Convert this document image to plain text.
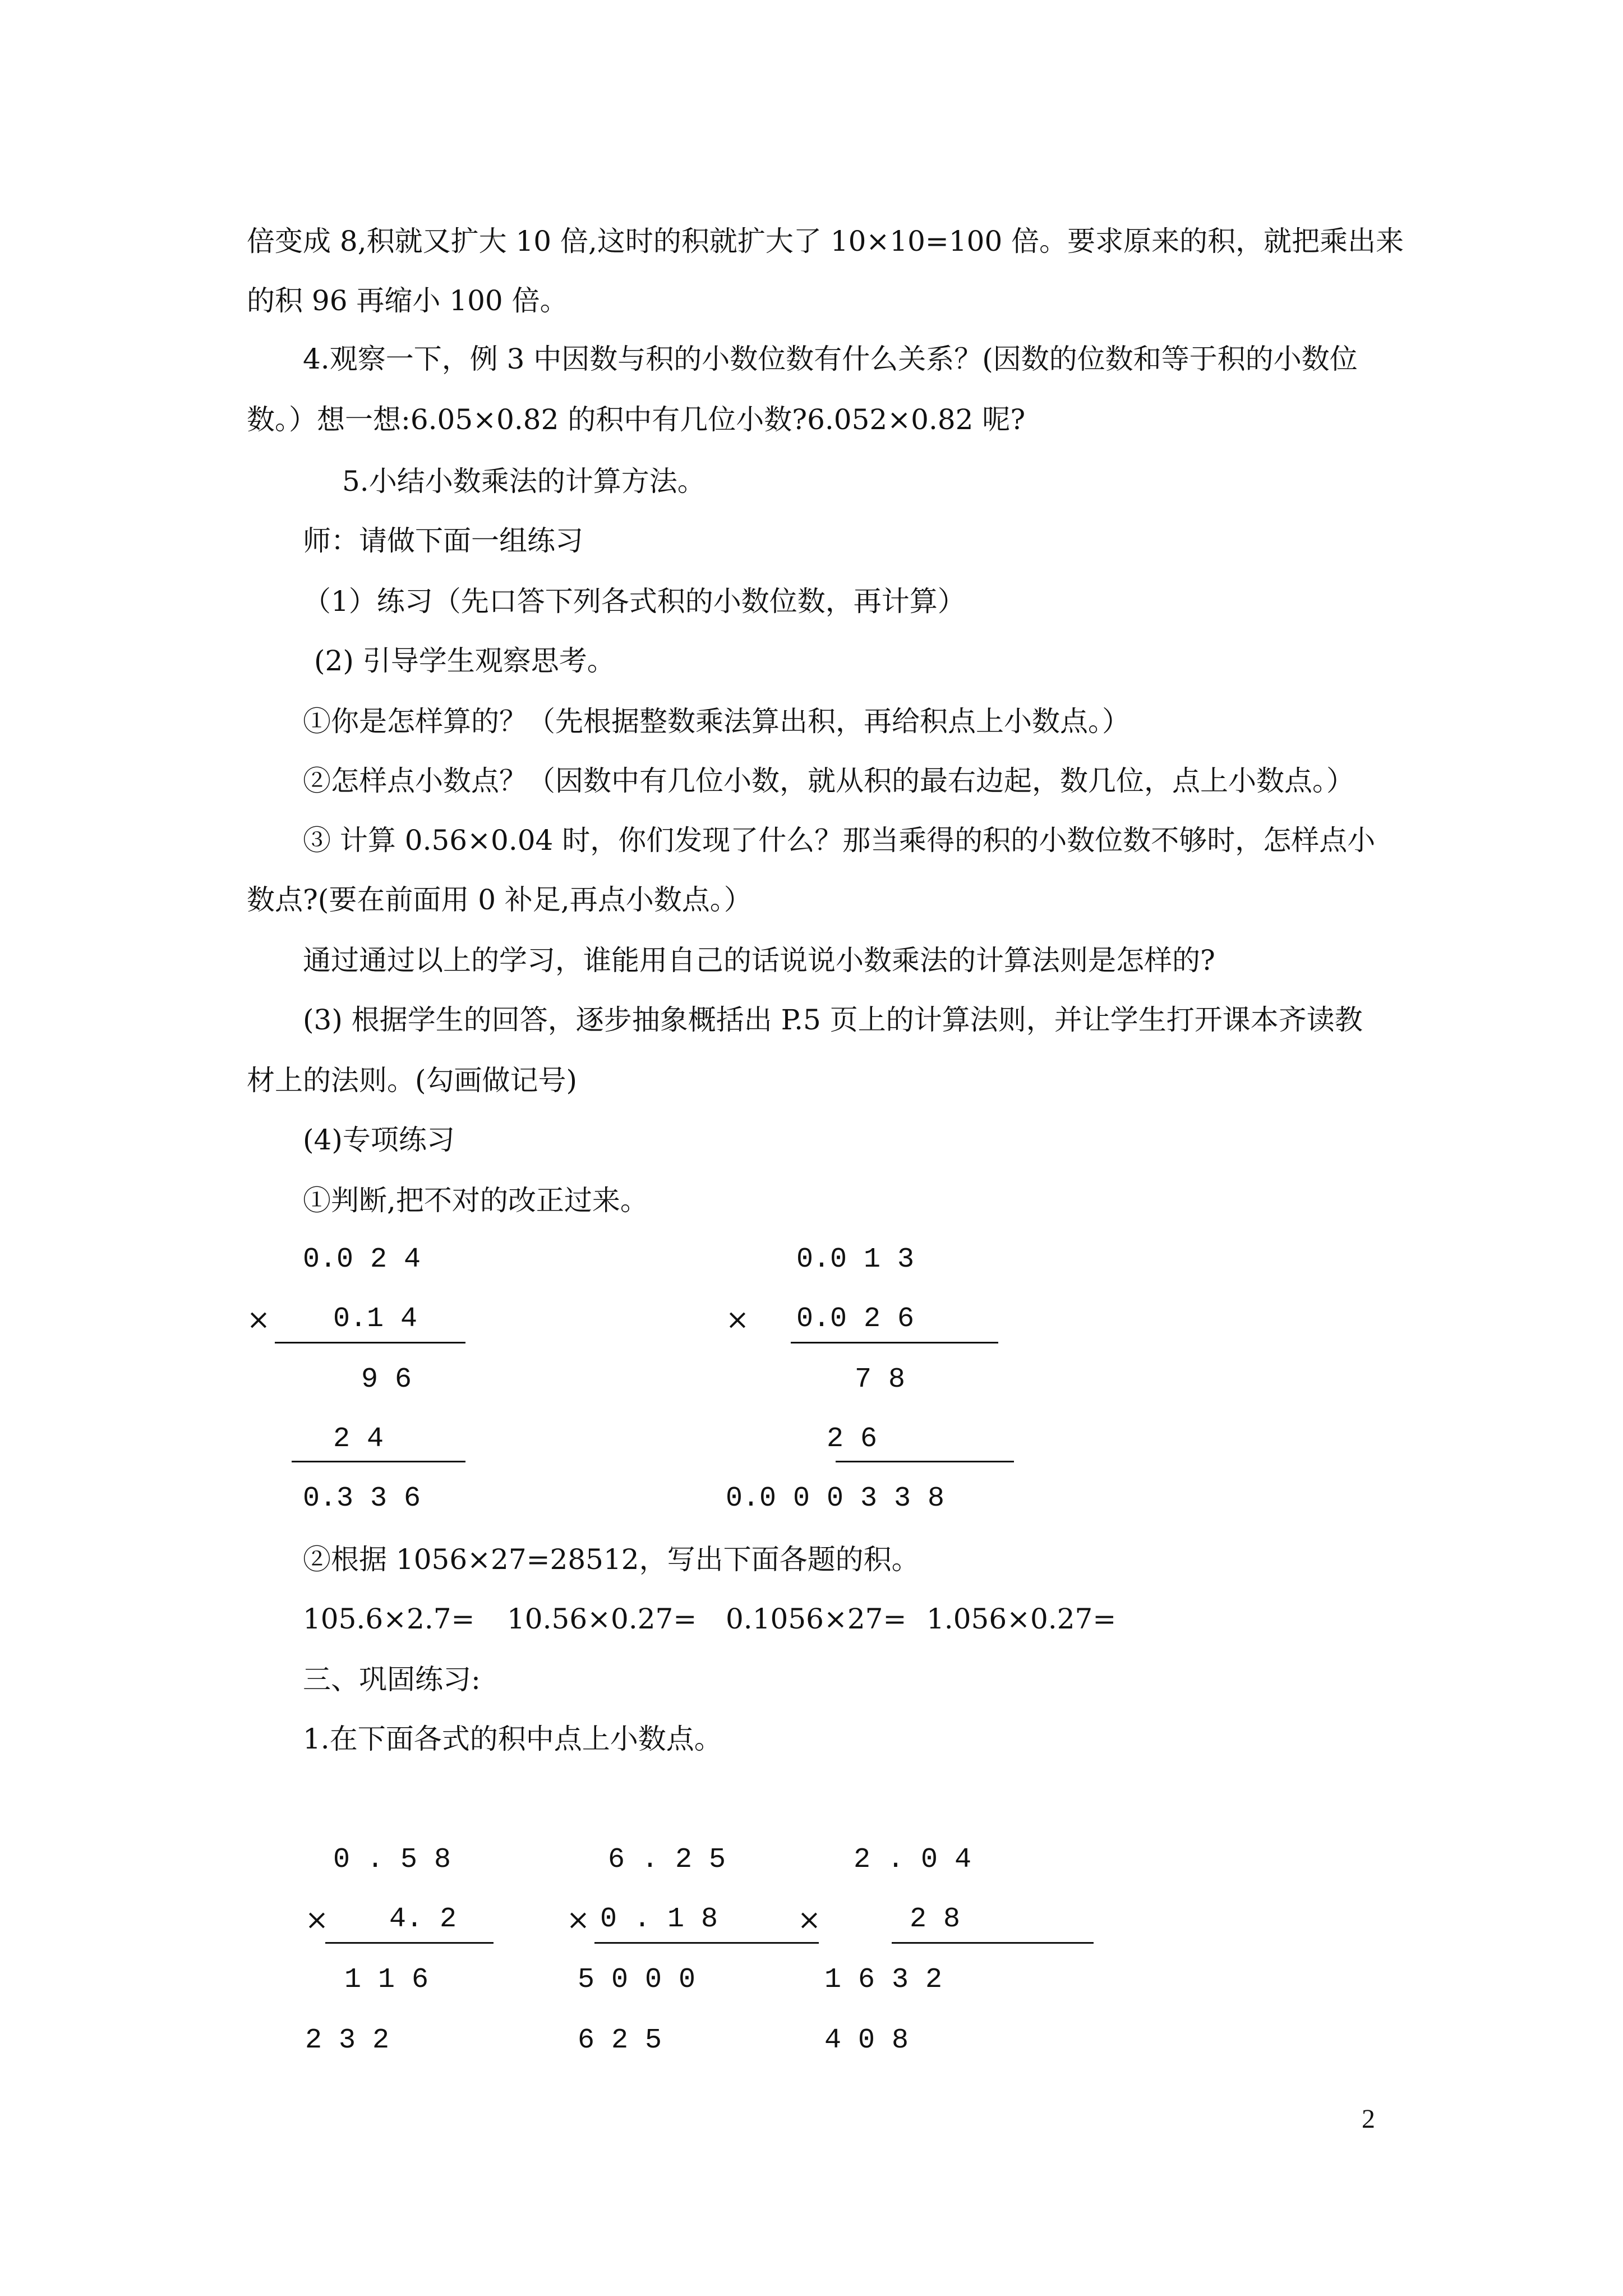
倍变成 8,积就又扩大 10 倍,这时的积就扩大了 10×10=100 倍。要求原来的积，就把乘出来
的积 96 再缩小 100 倍。
4.观察一下，例 3 中因数与积的小数位数有什么关系？(因数的位数和等于积的小数位
数。）想一想:6.05×0.82 的积中有几位小数?6.052×0.82 呢?
5.小结小数乘法的计算方法。
师：请做下面一组练习
（1）练习（先口答下列各式积的小数位数，再计算）
(2) 引导学生观察思考。
①你是怎样算的？（先根据整数乘法算出积，再给积点上小数点。）
②怎样点小数点？（因数中有几位小数，就从积的最右边起，数几位，点上小数点。）
③ 计算 0.56×0.04 时，你们发现了什么？那当乘得的积的小数位数不够时，怎样点小
数点?(要在前面用 0 补足,再点小数点。）
通过通过以上的学习，谁能用自己的话说说小数乘法的计算法则是怎样的?
(3) 根据学生的回答，逐步抽象概括出 P.5 页上的计算法则，并让学生打开课本齐读教
材上的法则。(勾画做记号)
(4)专项练习
①判断,把不对的改正过来。
0.0 2 4
× 0.1 4
9 6
2 4
0.3 3 6
0.0 1 3
× 0.0 2 6
7 8
2 6
0.0 0 0 3 3 8
②根据 1056×27=28512，写出下面各题的积。
105.6×2.7= 10.56×0.27= 0.1056×27= 1.056×0.27=
三、巩固练习:
1.在下面各式的积中点上小数点。
0 . 5 8
× 4. 2
1 1 6
2 3 2
6 . 2 5
× 0 . 1 8
5 0 0 0
6 2 5
2 . 0 4
×	2 8
1 6 3 2
4 0 8
2
